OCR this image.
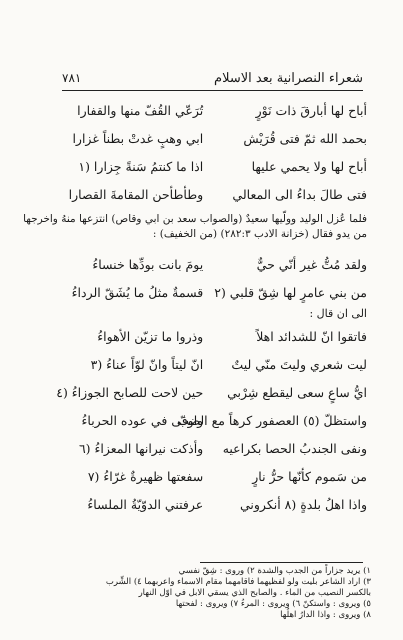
شعراء النصرانية بعد الاسلام
٧٨١
أباح لها أبارقَ ذات نَوْرٍ
تُرَعّي القُفّ منها والقفارا
بحمد الله ثمّ فتى قُرَيْش
ابي وهبٍ غدتْ بطناً غزارا
أباح لها ولا يحمي عليها
اذا ما كنتمُ سَنةً جِزارا (١
فتى طالَ بداءُ الى المعالي
وطأطأحن المقامةَ القصارا
فلما عُزل الوليد وولّيها سعيدٌ (والصواب سعد بن ابي وقاص) انتزعها منهُ واخرجها
من يدو فقال (خزانة الادب ٢٨٢:٣) (من الخفيف) :
ولقد مُتُّ غير أنّي حيٌّ
يومَ بانت بودِّها خنساءُ
من بني عامرٍ لها شِقّ قلبي (٢
قسمةٌ مثلُ ما يُشَقّ الرداءُ
الى ان قال :
فاتقوا انّ للشدائد اهلاً
وذروا ما تزيّن الأهواءُ
ليت شعري وليتَ منّي ليتٌ
انّ ليتاً وانّ لوّاً عناءُ (٣
ايُّ ساعٍ سعى ليقطع شِرْبي
حين لاحت للصابح الجوزاءُ (٤
واستظلّ (٥) العصفور كرهاً مع الضبّ
واوفى في عوده الحرباءُ
ونفى الجندبُ الحصا بكراعيه
وأذكت نيرانها المعزاءُ (٦
من سَموم كأنّها حرُّ نارٍ
سفعتها ظهيرةٌ غرّاءُ (٧
واذا اهلُ بلدةٍ (٨ أنكروني
عرفتني الدوّيّةُ الملساءُ
١) يريد جزاراً من الجدب والشدة ٢) وروى : شِقّ نفسي
٣) اراد الشاعر بليت ولو لفظيهما فاقامهما مقام الاسماء واعربهما ٤) الشِّرب
بالكسر النصيب من الماء . والصابح الذي يسقي الابل في اوّل النهار
٥) ويروى : واستكنّ ٦) ويروى : المرءُ ٧) ويروى : لفحتها
٨) ويروى : واذا الدارُ اهلُها
